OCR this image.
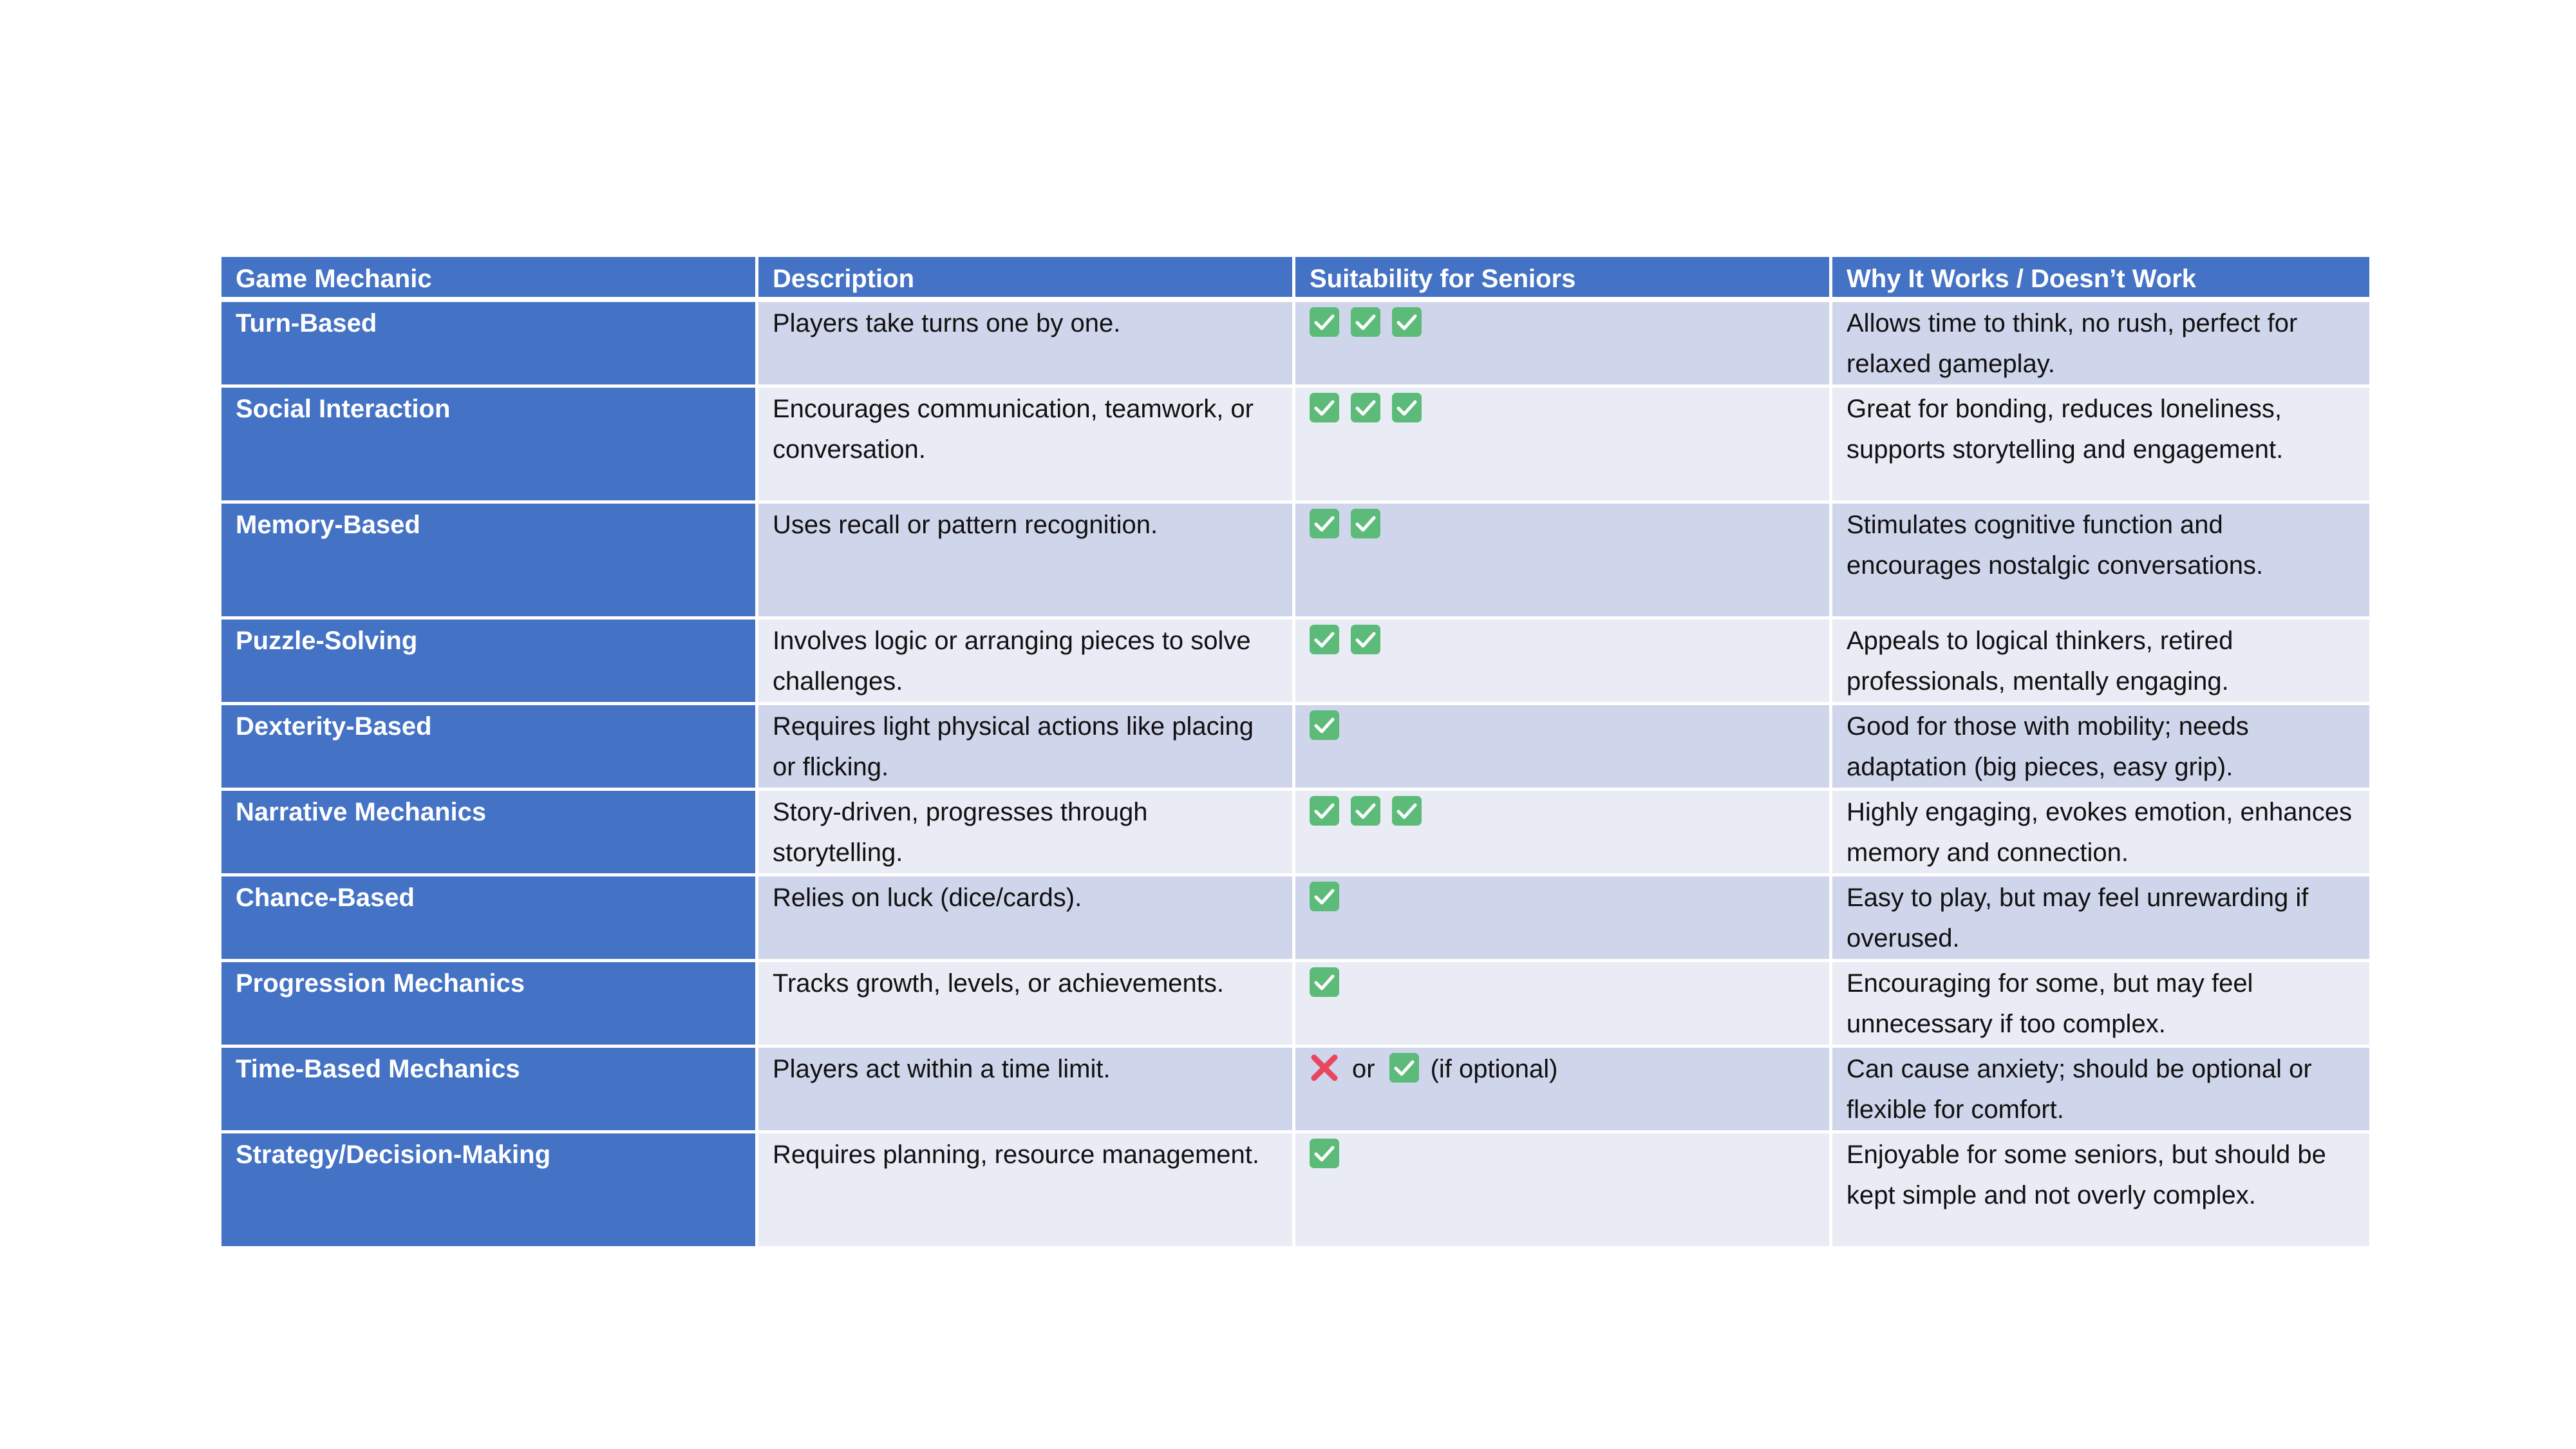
Game Mechanic	Description	Suitability for Seniors	Why It Works / Doesn’t Work
Turn-Based	Players take turns one by one.		Allows time to think, no rush, perfect for relaxed gameplay.
Social Interaction	Encourages communication, teamwork, or conversation.		Great for bonding, reduces loneliness, supports storytelling and engagement.
Memory-Based	Uses recall or pattern recognition.		Stimulates cognitive function and encourages nostalgic conversations.
Puzzle-Solving	Involves logic or arranging pieces to solve challenges.		Appeals to logical thinkers, retired professionals, mentally engaging.
Dexterity-Based	Requires light physical actions like placing or flicking.		Good for those with mobility; needs adaptation (big pieces, easy grip).
Narrative Mechanics	Story-driven, progresses through storytelling.		Highly engaging, evokes emotion, enhances memory and connection.
Chance-Based	Relies on luck (dice/cards).		Easy to play, but may feel unrewarding if overused.
Progression Mechanics	Tracks growth, levels, or achievements.		Encouraging for some, but may feel unnecessary if too complex.
Time-Based Mechanics	Players act within a time limit.	or (if optional)	Can cause anxiety; should be optional or flexible for comfort.
Strategy/Decision-Making	Requires planning, resource management.		Enjoyable for some seniors, but should be kept simple and not overly complex.
